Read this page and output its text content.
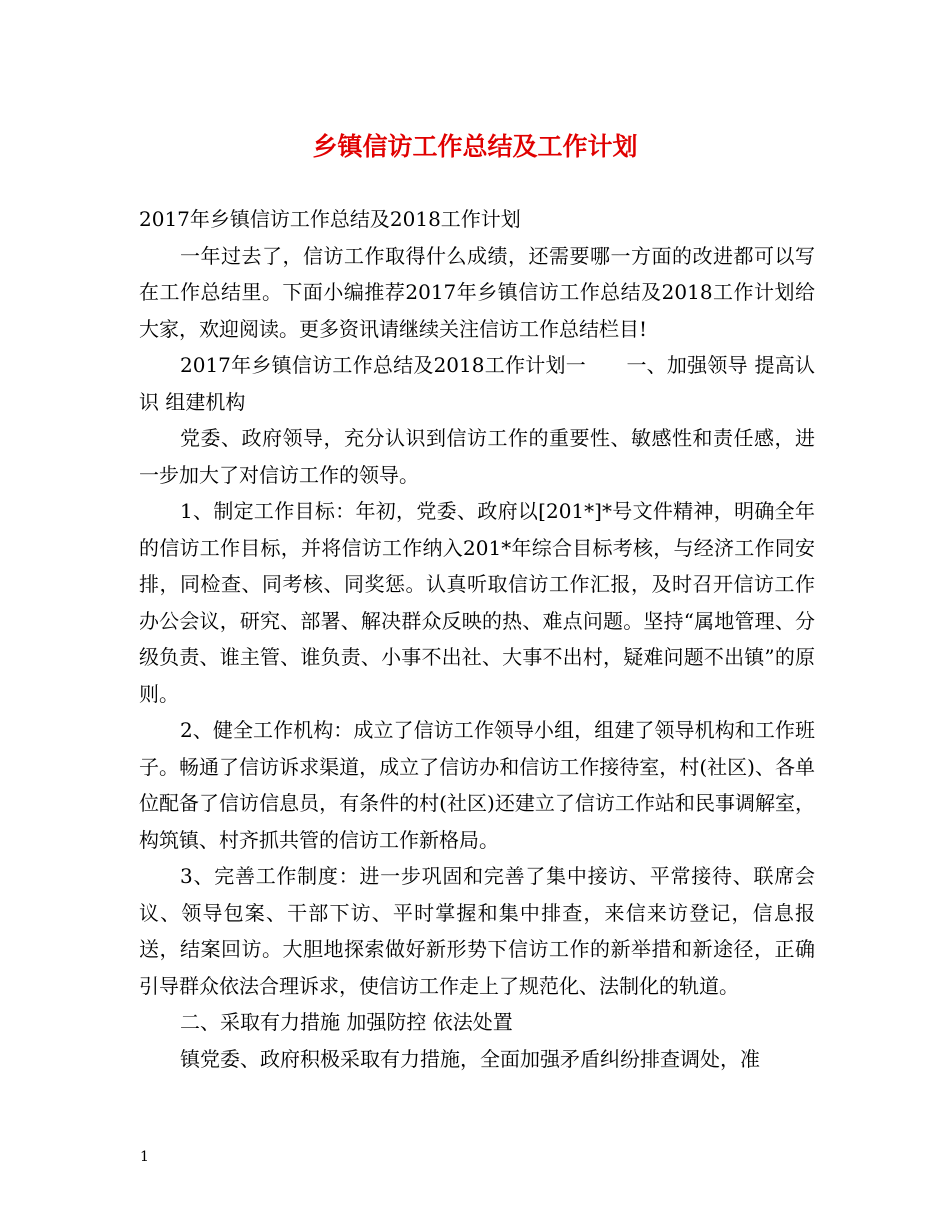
乡镇信访工作总结及工作计划

2017年乡镇信访工作总结及2018工作计划

一年过去了，信访工作取得什么成绩，还需要哪一方面的改进都可以写在工作总结里。下面小编推荐2017年乡镇信访工作总结及2018工作计划给大家，欢迎阅读。更多资讯请继续关注信访工作总结栏目!

2017年乡镇信访工作总结及2018工作计划一　　一、加强领导 提高认识 组建机构

党委、政府领导，充分认识到信访工作的重要性、敏感性和责任感，进一步加大了对信访工作的领导。

1、制定工作目标：年初，党委、政府以[201*]*号文件精神，明确全年的信访工作目标，并将信访工作纳入201*年综合目标考核，与经济工作同安排，同检查、同考核、同奖惩。认真听取信访工作汇报，及时召开信访工作办公会议，研究、部署、解决群众反映的热、难点问题。坚持“属地管理、分级负责、谁主管、谁负责、小事不出社、大事不出村，疑难问题不出镇”的原则。

2、健全工作机构：成立了信访工作领导小组，组建了领导机构和工作班子。畅通了信访诉求渠道，成立了信访办和信访工作接待室，村(社区)、各单位配备了信访信息员，有条件的村(社区)还建立了信访工作站和民事调解室，构筑镇、村齐抓共管的信访工作新格局。

3、完善工作制度：进一步巩固和完善了集中接访、平常接待、联席会议、领导包案、干部下访、平时掌握和集中排查，来信来访登记，信息报送，结案回访。大胆地探索做好新形势下信访工作的新举措和新途径，正确引导群众依法合理诉求，使信访工作走上了规范化、法制化的轨道。

二、采取有力措施 加强防控 依法处置

镇党委、政府积极采取有力措施，全面加强矛盾纠纷排查调处，准

1
